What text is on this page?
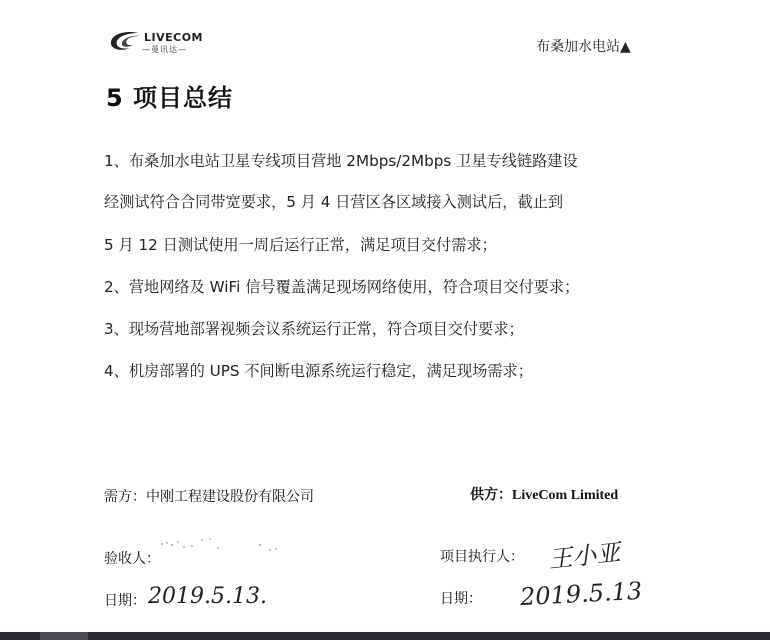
LIVECOM
—曼讯达—	布桑加水电站▲
5 项目总结
1、布桑加水电站卫星专线项目营地 2Mbps/2Mbps 卫星专线链路建设
经测试符合合同带宽要求，5 月 4 日营区各区域接入测试后，截止到
5 月 12 日测试使用一周后运行正常，满足项目交付需求；
2、营地网络及 WiFi 信号覆盖满足现场网络使用，符合项目交付要求；
3、现场营地部署视频会议系统运行正常，符合项目交付要求；
4、机房部署的 UPS 不间断电源系统运行稳定，满足现场需求；
需方：中刚工程建设股份有限公司	供方：LiveCom Limited
验收人：	项目执行人： 王小亚
日期： 2019.5.13.	日期： 2019.5.13
